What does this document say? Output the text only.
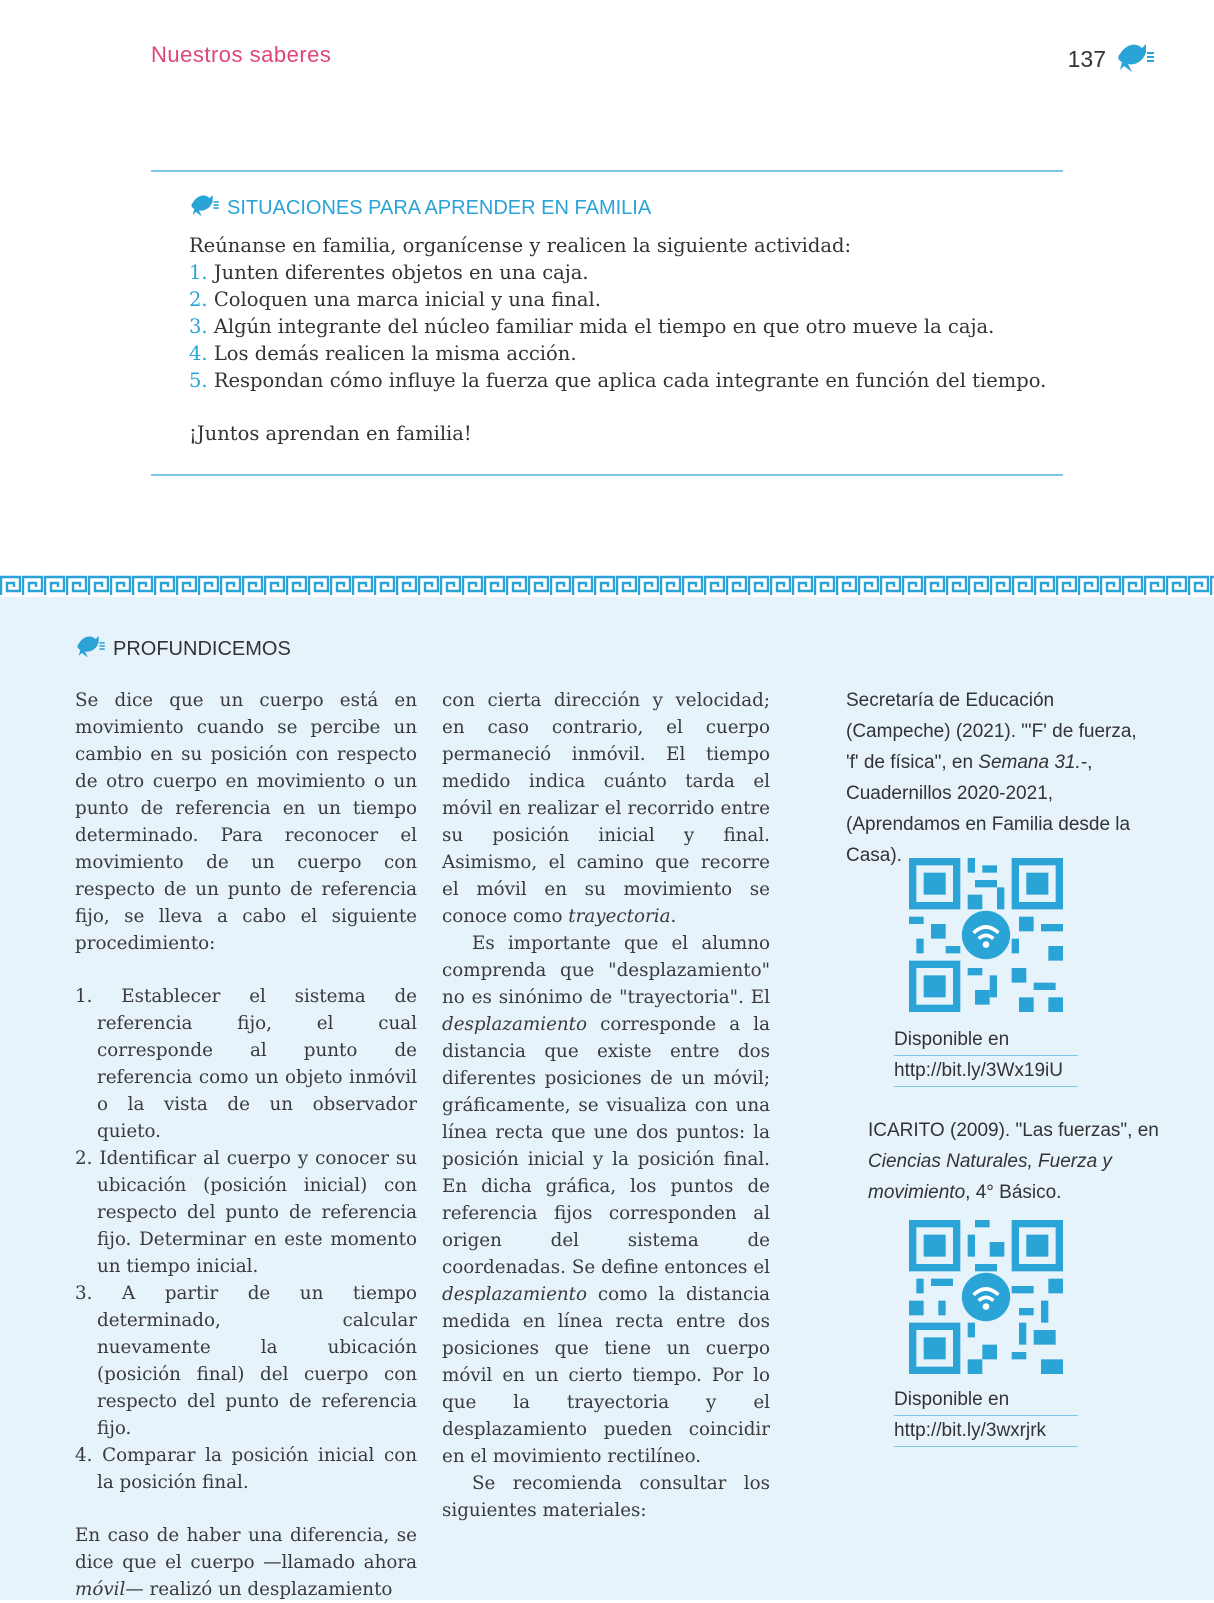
Nuestros saberes	137
SITUACIONES PARA APRENDER EN FAMILIA
Reúnanse en familia, organícense y realicen la siguiente actividad:
1. Junten diferentes objetos en una caja.
2. Coloquen una marca inicial y una final.
3. Algún integrante del núcleo familiar mida el tiempo en que otro mueve la caja.
4. Los demás realicen la misma acción.
5. Respondan cómo influye la fuerza que aplica cada integrante en función del tiempo.
¡Juntos aprendan en familia!
PROFUNDICEMOS

Se dice que un cuerpo está en movimiento cuando se percibe un cambio en su posición con respecto de otro cuerpo en movimiento o un punto de referencia en un tiempo determinado. Para reconocer el movimiento de un cuerpo con respecto de un punto de referencia fijo, se lleva a cabo el siguiente procedimiento:

1. Establecer el sistema de referencia fijo, el cual corresponde al punto de referencia como un objeto inmóvil o la vista de un observador quieto.
2. Identificar al cuerpo y conocer su ubicación (posición inicial) con respecto del punto de referencia fijo. Determinar en este momento un tiempo inicial.
3. A partir de un tiempo determinado, calcular nuevamente la ubicación (posición final) del cuerpo con respecto del punto de referencia fijo.
4. Comparar la posición inicial con la posición final.

En caso de haber una diferencia, se dice que el cuerpo —llamado ahora móvil— realizó un desplazamiento

con cierta dirección y velocidad; en caso contrario, el cuerpo permaneció inmóvil. El tiempo medido indica cuánto tarda el móvil en realizar el recorrido entre su posición inicial y final. Asimismo, el camino que recorre el móvil en su movimiento se conoce como trayectoria.

Es importante que el alumno comprenda que "desplazamiento" no es sinónimo de "trayectoria". El desplazamiento corresponde a la distancia que existe entre dos diferentes posiciones de un móvil; gráficamente, se visualiza con una línea recta que une dos puntos: la posición inicial y la posición final. En dicha gráfica, los puntos de referencia fijos corresponden al origen del sistema de coordenadas. Se define entonces el desplazamiento como la distancia medida en línea recta entre dos posiciones que tiene un cuerpo móvil en un cierto tiempo. Por lo que la trayectoria y el desplazamiento pueden coincidir en el movimiento rectilíneo.

Se recomienda consultar los siguientes materiales:

Secretaría de Educación (Campeche) (2021). "'F' de fuerza, 'f' de física", en Semana 31.-, Cuadernillos 2020-2021, (Aprendamos en Familia desde la Casa).
Disponible en
http://bit.ly/3Wx19iU
ICARITO (2009). "Las fuerzas", en Ciencias Naturales, Fuerza y movimiento, 4° Básico.
Disponible en
http://bit.ly/3wxrjrk
